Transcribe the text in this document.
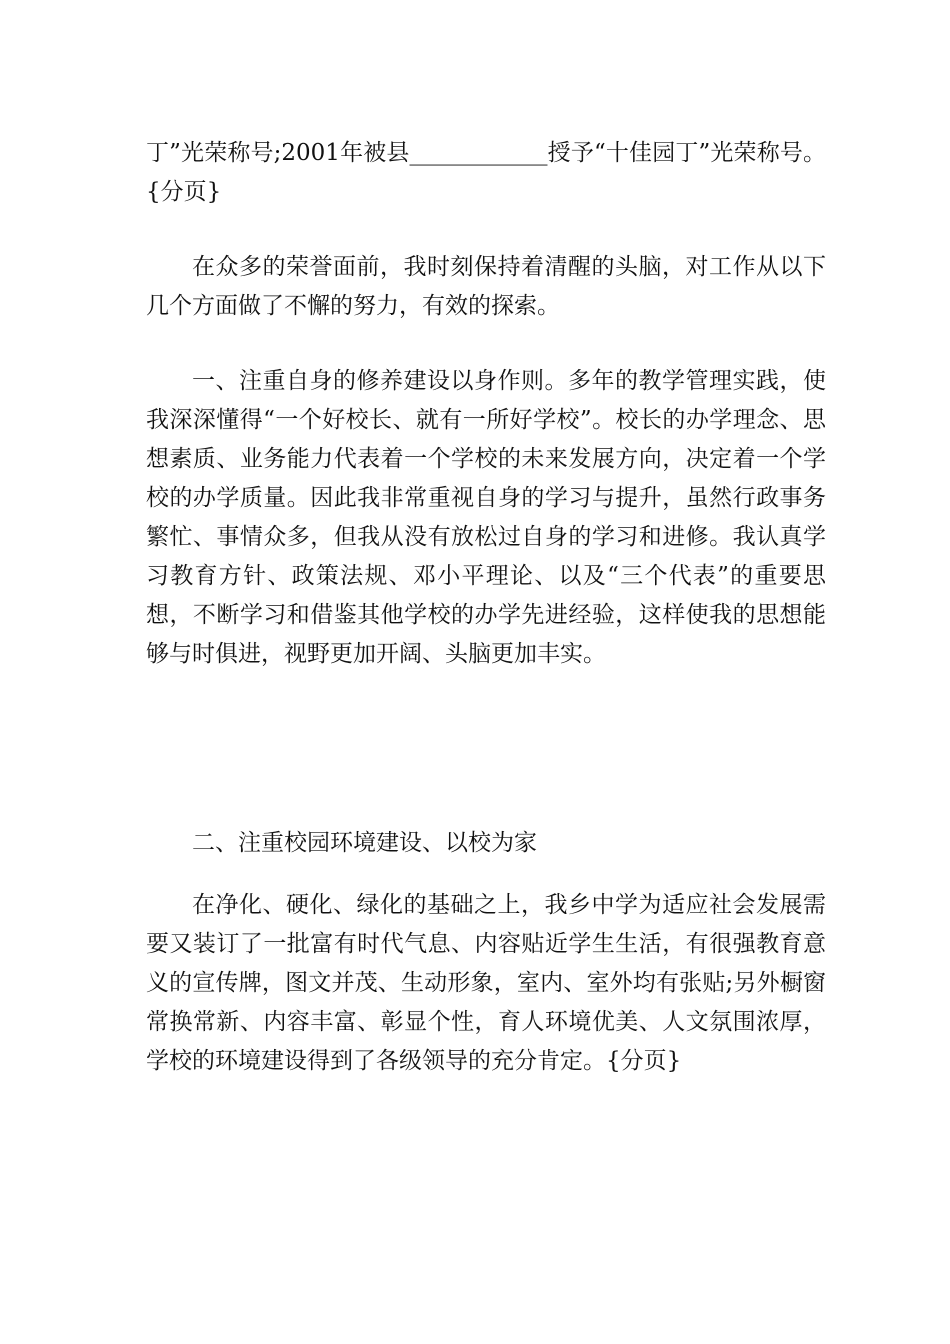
丁”光荣称号;2001年被县____________授予“十佳园丁”光荣称号。{分页}

在众多的荣誉面前，我时刻保持着清醒的头脑，对工作从以下几个方面做了不懈的努力，有效的探索。

一、注重自身的修养建设以身作则。多年的教学管理实践，使我深深懂得“一个好校长、就有一所好学校”。校长的办学理念、思想素质、业务能力代表着一个学校的未来发展方向，决定着一个学校的办学质量。因此我非常重视自身的学习与提升，虽然行政事务繁忙、事情众多，但我从没有放松过自身的学习和进修。我认真学习教育方针、政策法规、邓小平理论、以及“三个代表”的重要思想，不断学习和借鉴其他学校的办学先进经验，这样使我的思想能够与时俱进，视野更加开阔、头脑更加丰实。

二、注重校园环境建设、以校为家

在净化、硬化、绿化的基础之上，我乡中学为适应社会发展需要又装订了一批富有时代气息、内容贴近学生生活，有很强教育意义的宣传牌，图文并茂、生动形象，室内、室外均有张贴;另外橱窗常换常新、内容丰富、彰显个性，育人环境优美、人文氛围浓厚，学校的环境建设得到了各级领导的充分肯定。{分页}
